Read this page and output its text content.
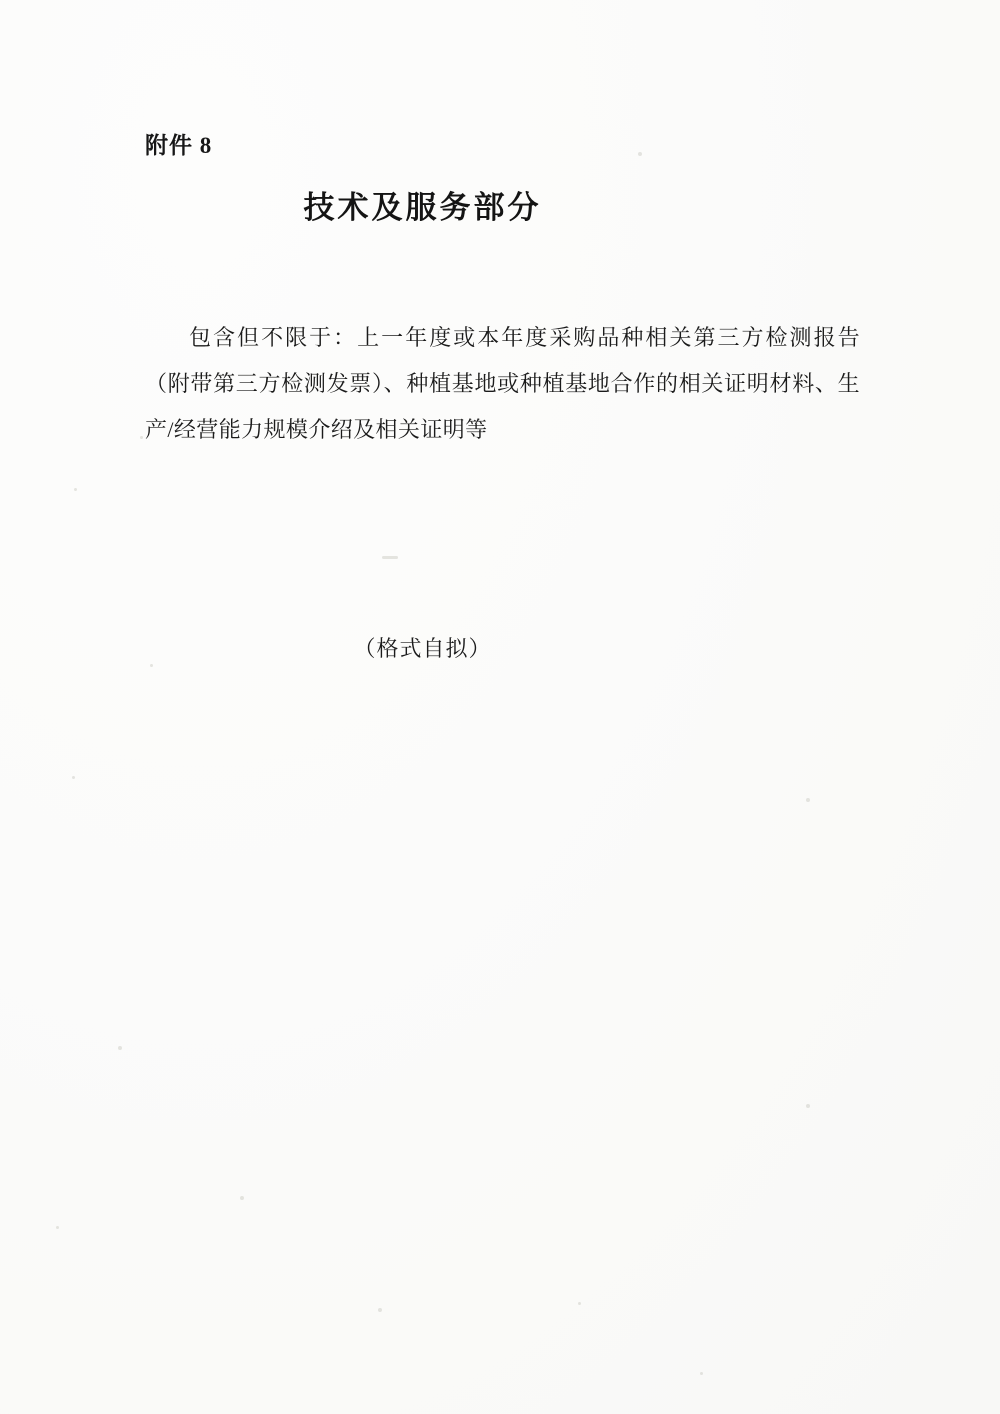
附件 8
技术及服务部分
包含但不限于：上一年度或本年度采购品种相关第三方检测报告（附带第三方检测发票）、种植基地或种植基地合作的相关证明材料、生产/经营能力规模介绍及相关证明等
（格式自拟）
